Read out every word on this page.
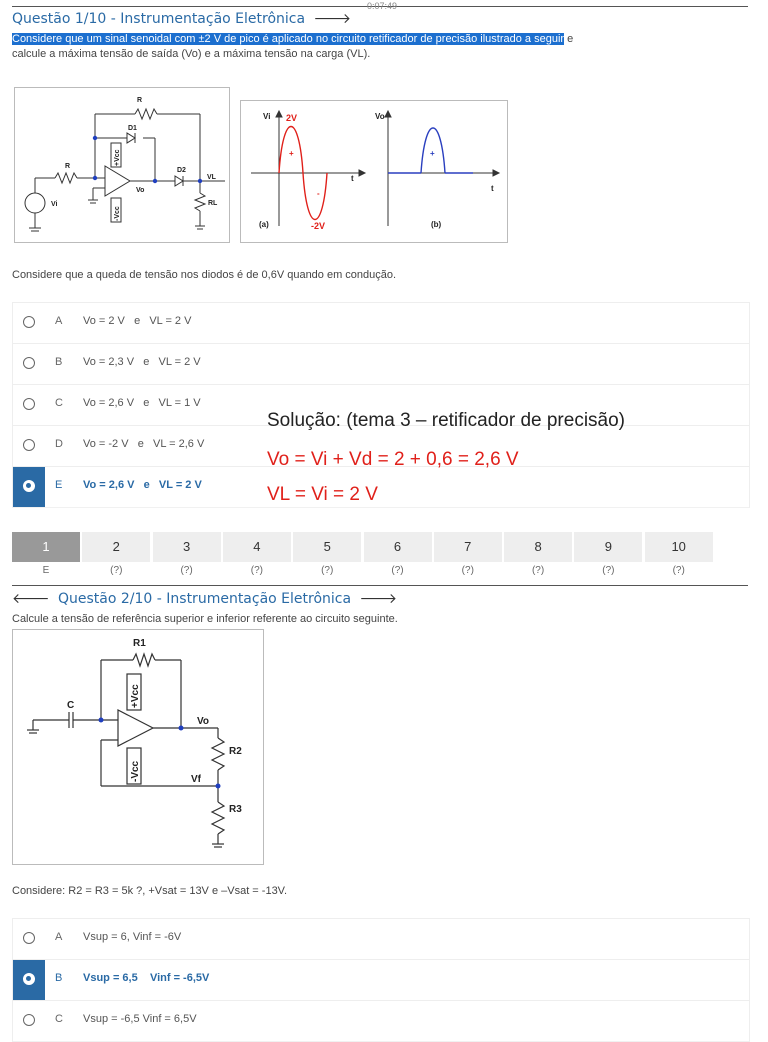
0:07:49
Questão 1/10 - Instrumentação Eletrônica 🡒
Considere que um sinal senoidal com ±2 V de pico é aplicado no circuito retificador de precisão ilustrado a seguir e
calcule a máxima tensão de saída (Vo) e a máxima tensão na carga (VL).
R
D1
+Vcc
-Vcc
R
D2
Vo
VL
RL
Vi
Vi 2V
-2V
+
-
t
(a)
Vo
+
t
(b)
Considere que a queda de tensão nos diodos é de 0,6V quando em condução.
A Vo = 2 V   e   VL = 2 V
B Vo = 2,3 V   e   VL = 2 V
C Vo = 2,6 V   e   VL = 1 V
D Vo = -2 V   e   VL = 2,6 V
E Vo = 2,6 V   e   VL = 2 V
Solução: (tema 3 – retificador de precisão)
Vo = Vi + Vd = 2 + 0,6 = 2,6 V
VL = Vi = 2 V
1
E
2
(?)
3
(?)
4
(?)
5
(?)
6
(?)
7
(?)
8
(?)
9
(?)
10
(?)
🡐 Questão 2/10 - Instrumentação Eletrônica 🡒
Calcule a tensão de referência superior e inferior referente ao circuito seguinte.
R1
+Vcc
-Vcc
C
Vo
R2
Vf
R3
Considere: R2 = R3 = 5k ?, +Vsat = 13V e –Vsat = -13V.
A Vsup = 6, Vinf = -6V
B Vsup = 6,5    Vinf = -6,5V
C Vsup = -6,5 Vinf = 6,5V
